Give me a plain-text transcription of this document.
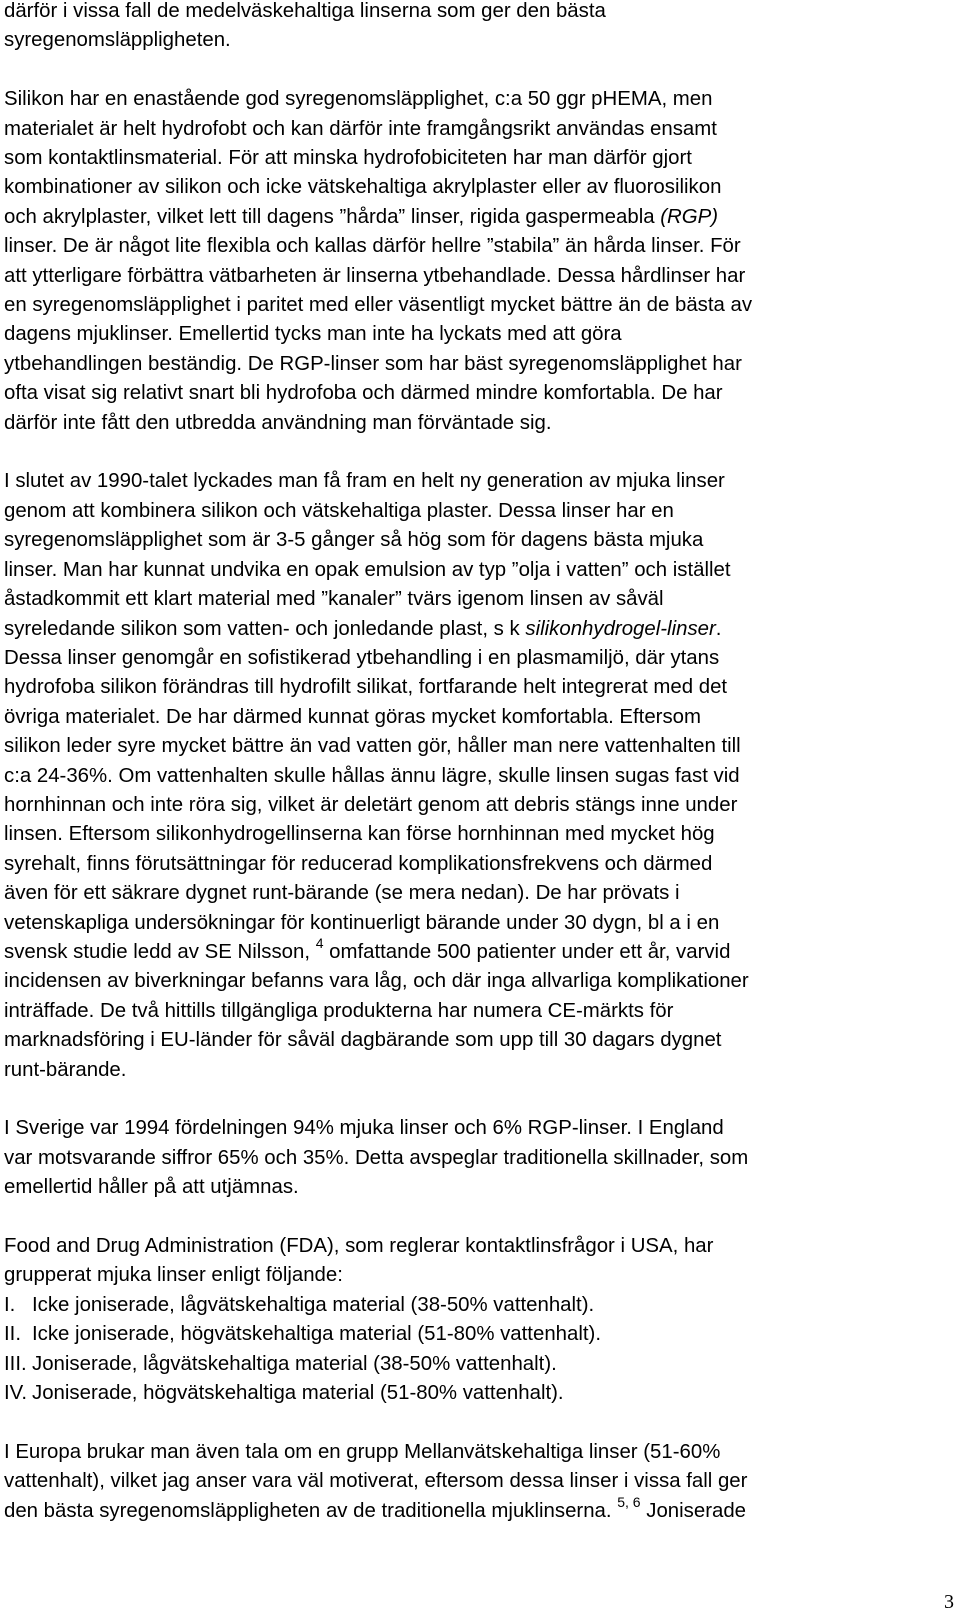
därför i vissa fall de medelväskehaltiga linserna som ger den bästa
syregenomsläppligheten.
Silikon har en enastående god syregenomsläpplighet, c:a 50 ggr pHEMA, men
materialet är helt hydrofobt och kan därför inte framgångsrikt användas ensamt
som kontaktlinsmaterial. För att minska hydrofobiciteten har man därför gjort
kombinationer av silikon och icke vätskehaltiga akrylplaster eller av fluorosilikon
och akrylplaster, vilket lett till dagens ”hårda” linser, rigida gaspermeabla (RGP)
linser. De är något lite flexibla och kallas därför hellre ”stabila” än hårda linser. För
att ytterligare förbättra vätbarheten är linserna ytbehandlade. Dessa hårdlinser har
en syregenomsläpplighet i paritet med eller väsentligt mycket bättre än de bästa av
dagens mjuklinser. Emellertid tycks man inte ha lyckats med att göra
ytbehandlingen beständig. De RGP-linser som har bäst syregenomsläpplighet har
ofta visat sig relativt snart bli hydrofoba och därmed mindre komfortabla. De har
därför inte fått den utbredda användning man förväntade sig.
I slutet av 1990-talet lyckades man få fram en helt ny generation av mjuka linser
genom att kombinera silikon och vätskehaltiga plaster. Dessa linser har en
syregenomsläpplighet som är 3-5 gånger så hög som för dagens bästa mjuka
linser. Man har kunnat undvika en opak emulsion av typ ”olja i vatten” och istället
åstadkommit ett klart material med ”kanaler” tvärs igenom linsen av såväl
syreledande silikon som vatten- och jonledande plast, s k silikonhydrogel-linser.
Dessa linser genomgår en sofistikerad ytbehandling i en plasmamiljö, där ytans
hydrofoba silikon förändras till hydrofilt silikat, fortfarande helt integrerat med det
övriga materialet. De har därmed kunnat göras mycket komfortabla. Eftersom
silikon leder syre mycket bättre än vad vatten gör, håller man nere vattenhalten till
c:a 24-36%. Om vattenhalten skulle hållas ännu lägre, skulle linsen sugas fast vid
hornhinnan och inte röra sig, vilket är deletärt genom att debris stängs inne under
linsen. Eftersom silikonhydrogellinserna kan förse hornhinnan med mycket hög
syrehalt, finns förutsättningar för reducerad komplikationsfrekvens och därmed
även för ett säkrare dygnet runt-bärande (se mera nedan). De har prövats i
vetenskapliga undersökningar för kontinuerligt bärande under 30 dygn, bl a i en
svensk studie ledd av SE Nilsson, $^4$ omfattande 500 patienter under ett år, varvid
incidensen av biverkningar befanns vara låg, och där inga allvarliga komplikationer
inträffade. De två hittills tillgängliga produkterna har numera CE-märkts för
marknadsföring i EU-länder för såväl dagbärande som upp till 30 dagars dygnet
runt-bärande.
I Sverige var 1994 fördelningen 94% mjuka linser och 6% RGP-linser. I England
var motsvarande siffror 65% och 35%. Detta avspeglar traditionella skillnader, som
emellertid håller på att utjämnas.
Food and Drug Administration (FDA), som reglerar kontaktlinsfrågor i USA, har
grupperat mjuka linser enligt följande:
I. Icke joniserade, lågvätskehaltiga material (38-50% vattenhalt).
II. Icke joniserade, högvätskehaltiga material (51-80% vattenhalt).
III. Joniserade, lågvätskehaltiga material (38-50% vattenhalt).
IV. Joniserade, högvätskehaltiga material (51-80% vattenhalt).
I Europa brukar man även tala om en grupp Mellanvätskehaltiga linser (51-60%
vattenhalt), vilket jag anser vara väl motiverat, eftersom dessa linser i vissa fall ger
den bästa syregenomsläppligheten av de traditionella mjuklinserna. $^{5, 6}$ Joniserade
3
